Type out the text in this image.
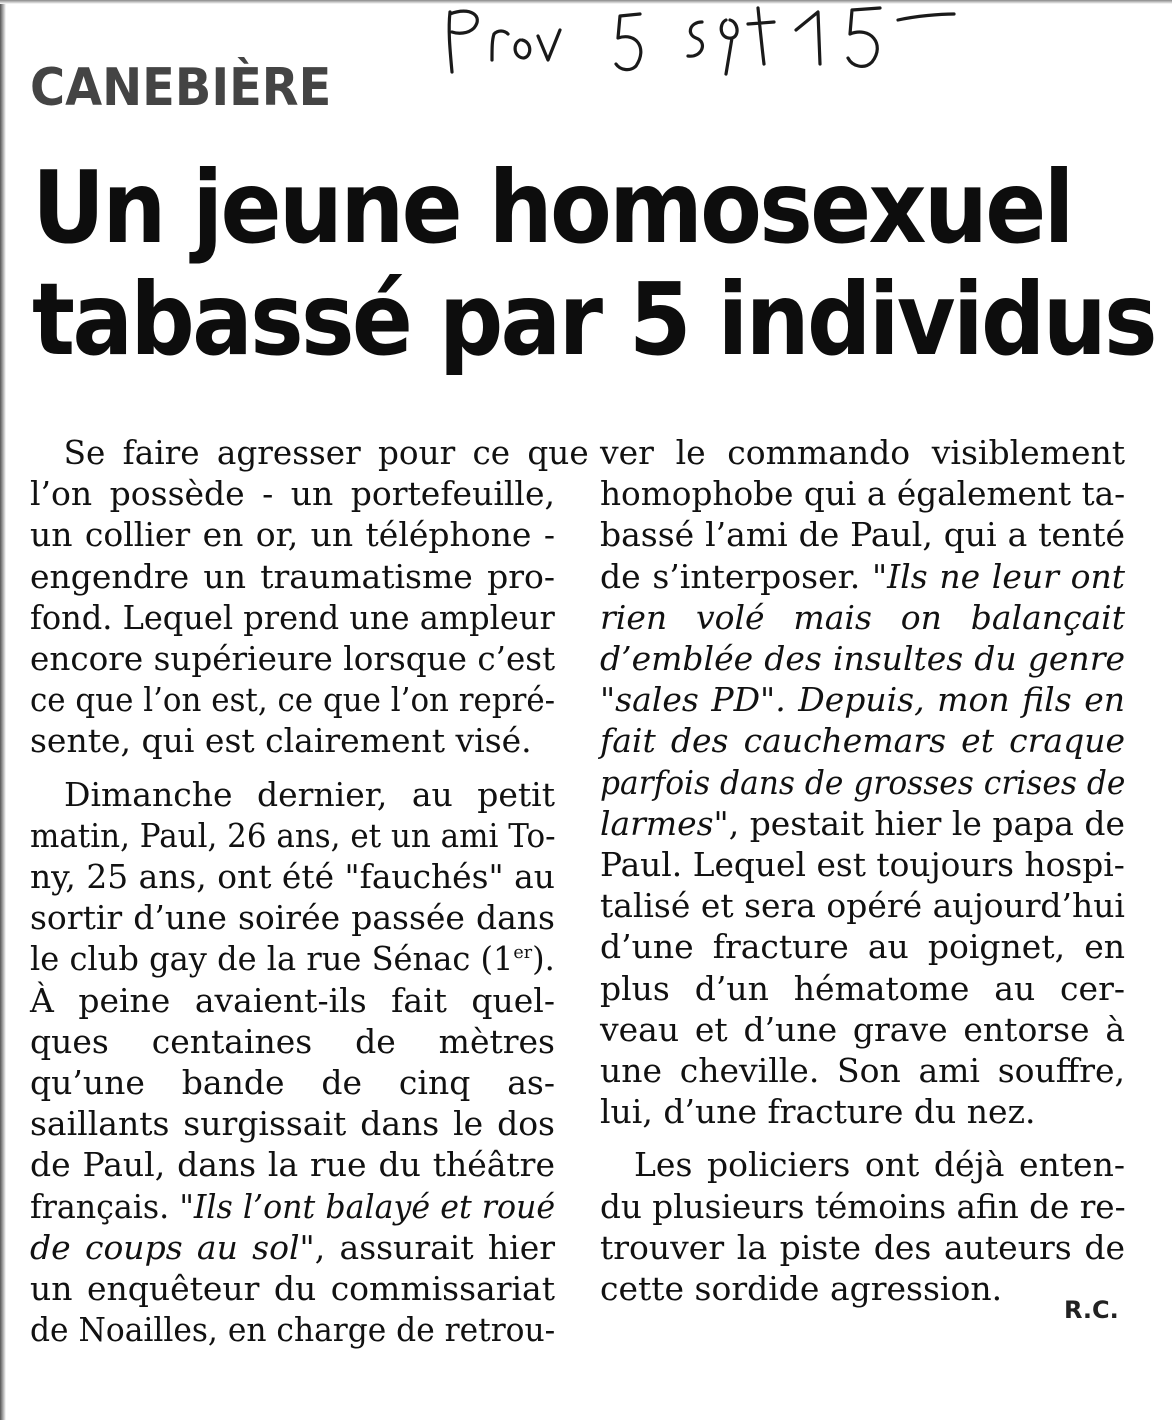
CANEBIÈRE
Un jeune homosexuel
tabassé par 5 individus
Se faire agresser pour ce que
l’on possède - un portefeuille,
un collier en or, un téléphone -
engendre un traumatisme pro-
fond. Lequel prend une ampleur
encore supérieure lorsque c’est
ce que l’on est, ce que l’on repré-
sente, qui est clairement visé.
Dimanche dernier, au petit
matin, Paul, 26 ans, et un ami To-
ny, 25 ans, ont été "fauchés" au
sortir d’une soirée passée dans
le club gay de la rue Sénac (1er).
À peine avaient-ils fait quel-
ques centaines de mètres
qu’une bande de cinq as-
saillants surgissait dans le dos
de Paul, dans la rue du théâtre
français. "Ils l’ont balayé et roué
de coups au sol", assurait hier
un enquêteur du commissariat
de Noailles, en charge de retrou-
ver le commando visiblement
homophobe qui a également ta-
bassé l’ami de Paul, qui a tenté
de s’interposer. "Ils ne leur ont
rien volé mais on balançait
d’emblée des insultes du genre
"sales PD". Depuis, mon fils en
fait des cauchemars et craque
parfois dans de grosses crises de
larmes", pestait hier le papa de
Paul. Lequel est toujours hospi-
talisé et sera opéré aujourd’hui
d’une fracture au poignet, en
plus d’un hématome au cer-
veau et d’une grave entorse à
une cheville. Son ami souffre,
lui, d’une fracture du nez.
Les policiers ont déjà enten-
du plusieurs témoins afin de re-
trouver la piste des auteurs de
cette sordide agression.
R.C.
